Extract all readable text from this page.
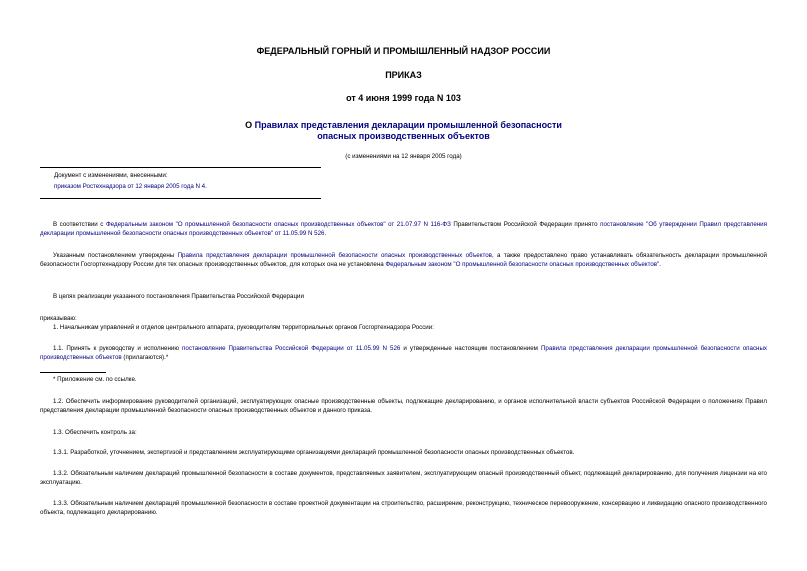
ФЕДЕРАЛЬНЫЙ ГОРНЫЙ И ПРОМЫШЛЕННЫЙ НАДЗОР РОССИИ
ПРИКАЗ
от 4 июня 1999 года N 103
О Правилах представления декларации промышленной безопасности
опасных производственных объектов
(с изменениями на 12 января 2005 года)
Документ с изменениями, внесенными:
приказом Ростехнадзора от 12 января 2005 года N 4.
В соответствии с Федеральным законом "О промышленной безопасности опасных производственных объектов" от 21.07.97 N 116-ФЗ Правительством Российской Федерации принято постановление "Об утверждении Правил представления декларации промышленной безопасности опасных производственных объектов" от 11.05.99 N 526.
Указанным постановлением утверждены Правила представления декларации промышленной безопасности опасных производственных объектов, а также предоставлено право устанавливать обязательность декларации промышленной безопасности Госгортехнадзору России для тех опасных производственных объектов, для которых она не установлена Федеральным законом "О промышленной безопасности опасных производственных объектов".
В целях реализации указанного постановления Правительства Российской Федерации
приказываю:
1. Начальникам управлений и отделов центрального аппарата, руководителям территориальных органов Госгортехнадзора России:
1.1. Принять к руководству и исполнению постановление Правительства Российской Федерации от 11.05.99 N 526 и утвержденные настоящим постановлением Правила представления декларации промышленной безопасности опасных производственных объектов (прилагаются).*
* Приложение см. по ссылке.
1.2. Обеспечить информирование руководителей организаций, эксплуатирующих опасные производственные объекты, подлежащие декларированию, и органов исполнительной власти субъектов Российской Федерации о положениях Правил представления декларации промышленной безопасности опасных производственных объектов и данного приказа.
1.3. Обеспечить контроль за:
1.3.1. Разработкой, уточнением, экспертизой и представлением эксплуатирующими организациями деклараций промышленной безопасности опасных производственных объектов.
1.3.2. Обязательным наличием деклараций промышленной безопасности в составе документов, представляемых заявителем, эксплуатирующим опасный производственный объект, подлежащий декларированию, для получения лицензии на его эксплуатацию.
1.3.3. Обязательным наличием деклараций промышленной безопасности в составе проектной документации на строительство, расширение, реконструкцию, техническое перевооружение, консервацию и ликвидацию опасного производственного объекта, подлежащего декларированию.
